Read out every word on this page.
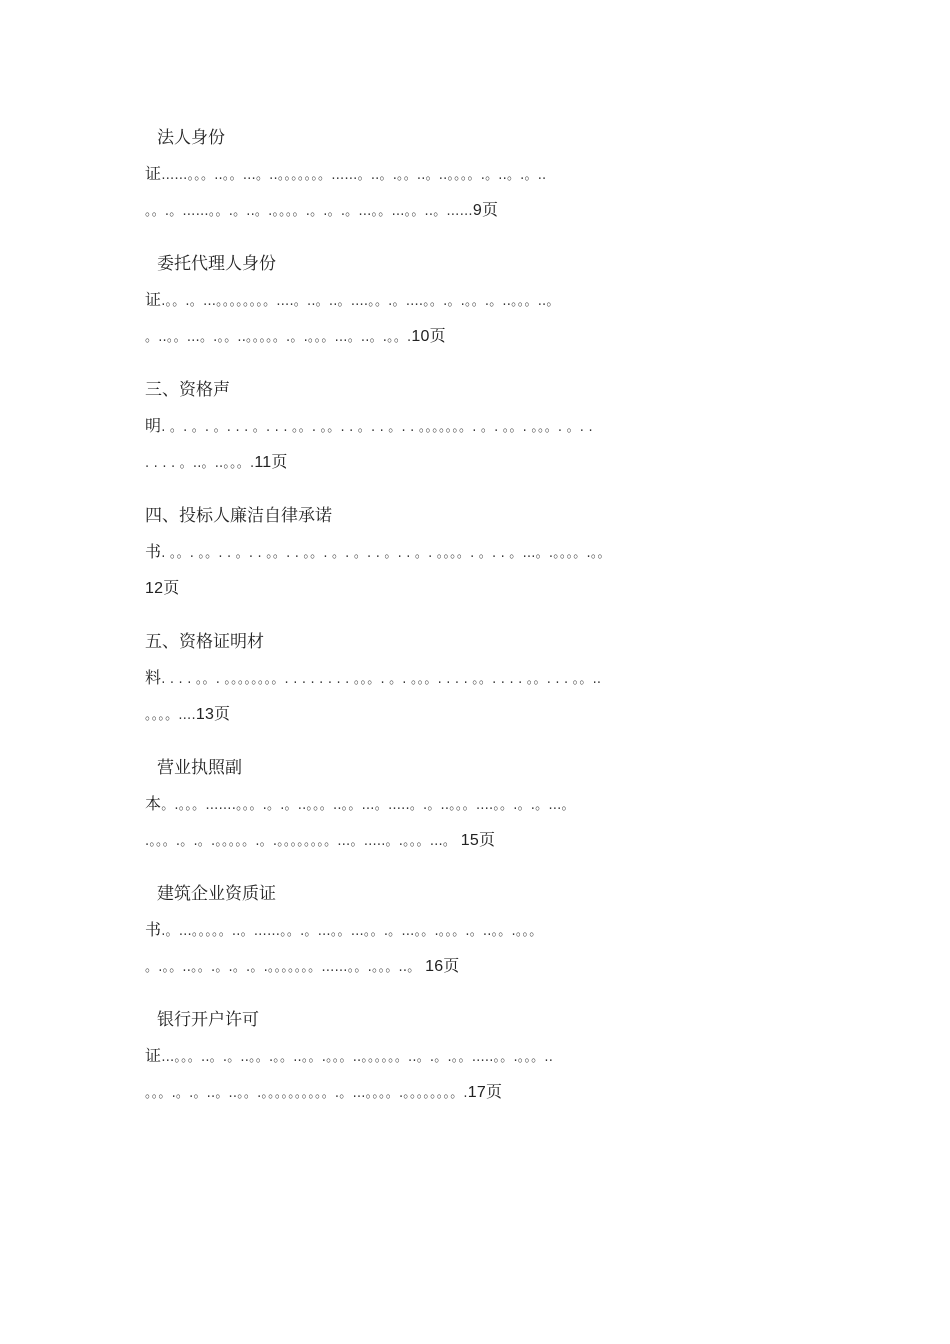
法人身份
证……。。。..。。…。..。。。。。。。……。..。.。。..。..。。。。.。..。.。..
。。.。……。。.。..。.。。。。.。.。.。…。。…。。..。……9页
委托代理人身份
证.。。.。…。。。。。。。。….。..。..。….。。.。….。。.。.。。.。..。。。..。
。..。。…。.。。..。。。。。.。.。。。…。..。.。。.10页
三、资格声
明. 。. 。. 。. . . 。. . . 。。. 。。. . 。. . 。. . 。。。。。。。. 。. 。。. 。。。. 。. .
. . . . 。..。..。。。.11页
四、投标人廉洁自律承诺
书. 。。. 。。. . 。. . 。。. . 。。. 。. 。. . 。. . 。. 。。。。. 。. . 。…。.。。。。.。。
12页
五、资格证明材
料. . . . 。。. 。。。。。。。。. . . . . . . . 。。。. 。. 。。。. . . . 。。. . . . 。。. . . 。。..
。。。。….13页
营业执照副
本。.。。。…….。。。.。.。..。。。..。。…。…..。.。..。。。….。。.。.。…。
.。。。.。.。.。。。。。.。.。。。。。。。。…。…..。.。。。…。 15页
建筑企业资质证
书.。…。。。。。..。……。。.。…。。…。。.。…。。.。。。.。..。。.。。。
。.。。..。。.。.。.。.。。。。。。。……。。.。。。..。 16页
银行开户许可
证…。。。..。.。..。。.。。..。。.。。。..。。。。。。..。.。.。。…..。。.。。。..
。。。.。.。..。..。。.。。。。。。。。。。.。…。。。。.。。。。。。。。.17页
